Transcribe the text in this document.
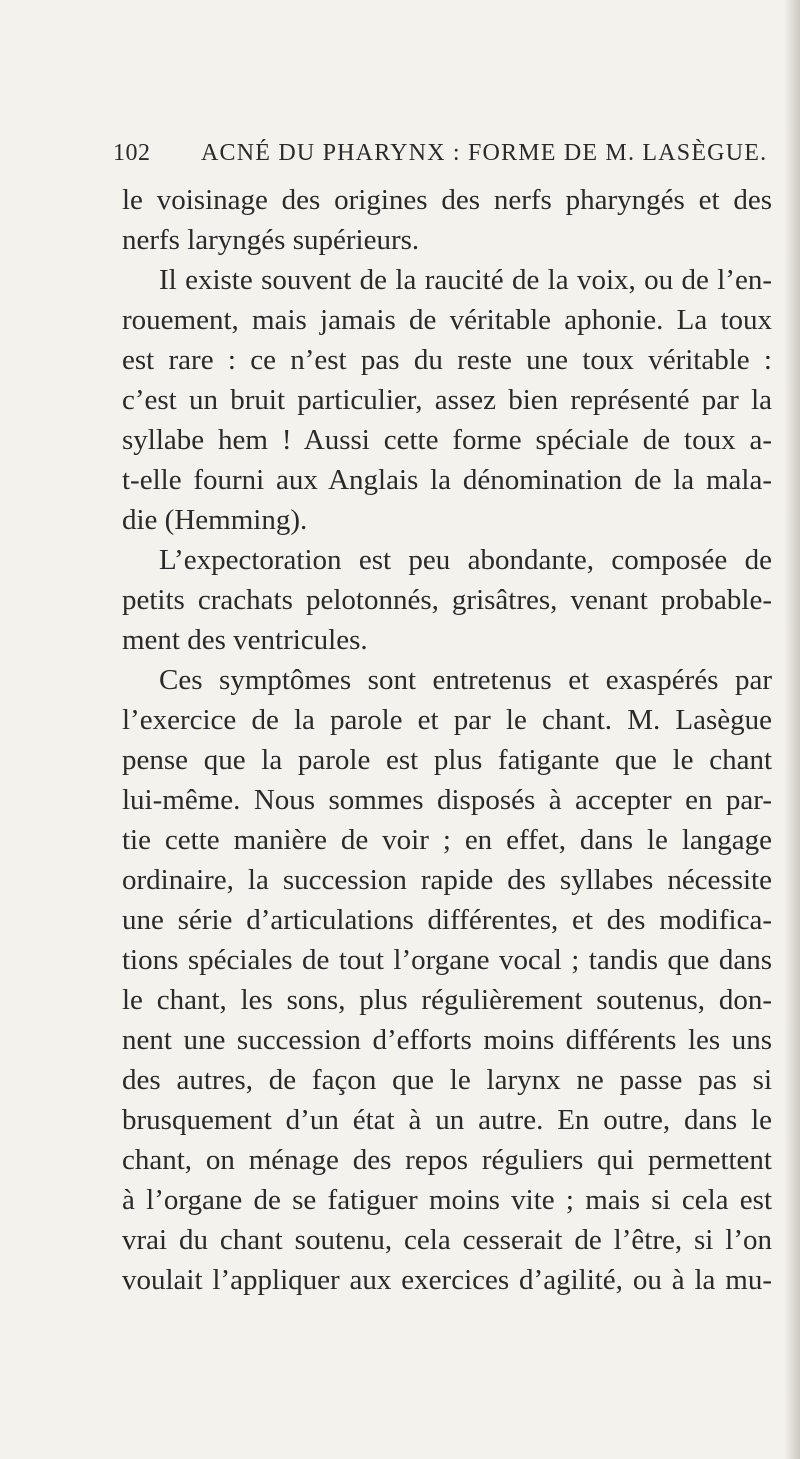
102 ACNÉ DU PHARYNX : FORME DE M. LASÈGUE.
le voisinage des origines des nerfs pharyngés et des
nerfs laryngés supérieurs.
Il existe souvent de la raucité de la voix, ou de l’en-
rouement, mais jamais de véritable aphonie. La toux
est rare : ce n’est pas du reste une toux véritable :
c’est un bruit particulier, assez bien représenté par la
syllabe hem ! Aussi cette forme spéciale de toux a-
t-elle fourni aux Anglais la dénomination de la mala-
die (Hemming).
L’expectoration est peu abondante, composée de
petits crachats pelotonnés, grisâtres, venant probable-
ment des ventricules.
Ces symptômes sont entretenus et exaspérés par
l’exercice de la parole et par le chant. M. Lasègue
pense que la parole est plus fatigante que le chant
lui-même. Nous sommes disposés à accepter en par-
tie cette manière de voir ; en effet, dans le langage
ordinaire, la succession rapide des syllabes nécessite
une série d’articulations différentes, et des modifica-
tions spéciales de tout l’organe vocal ; tandis que dans
le chant, les sons, plus régulièrement soutenus, don-
nent une succession d’efforts moins différents les uns
des autres, de façon que le larynx ne passe pas si
brusquement d’un état à un autre. En outre, dans le
chant, on ménage des repos réguliers qui permettent
à l’organe de se fatiguer moins vite ; mais si cela est
vrai du chant soutenu, cela cesserait de l’être, si l’on
voulait l’appliquer aux exercices d’agilité, ou à la mu-
